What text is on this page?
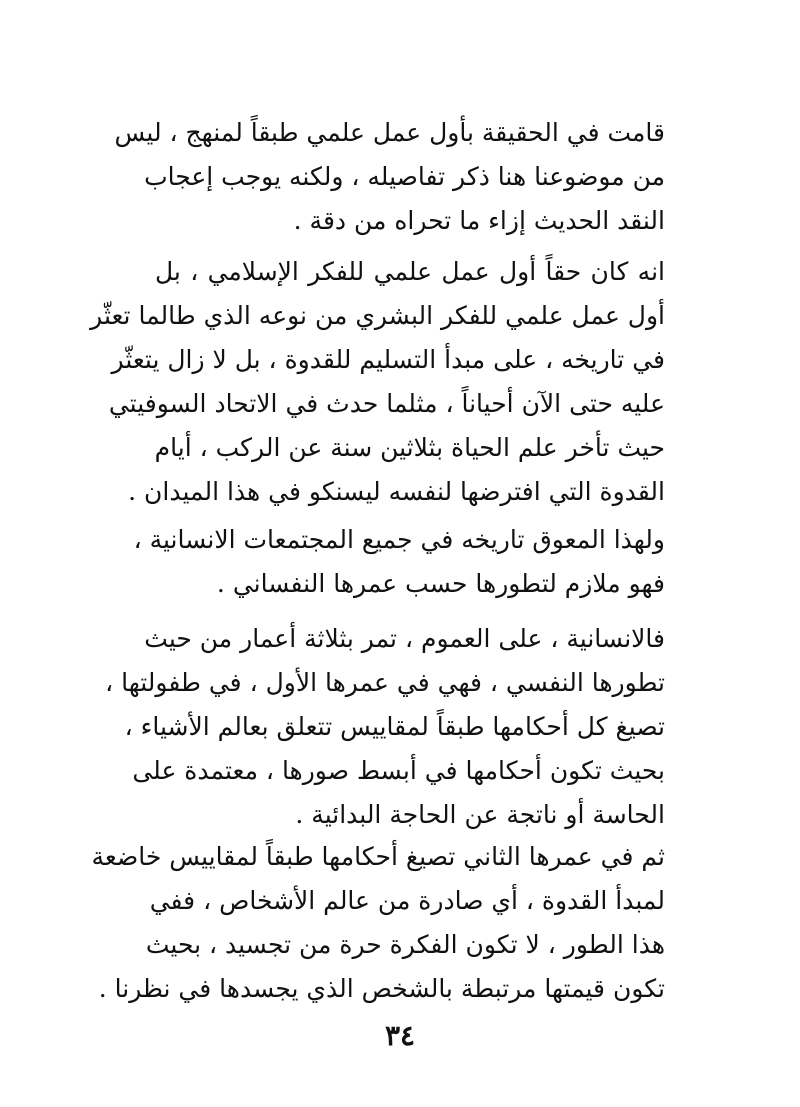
قامت في الحقيقة بأول عمل علمي طبقاً لمنهج ، ليس
من موضوعنا هنا ذكر تفاصيله ، ولكنه يوجب إعجاب
النقد الحديث إزاء ما تحراه من دقة .
انه كان حقاً أول عمل علمي للفكر الإسلامي ، بل
أول عمل علمي للفكر البشري من نوعه الذي طالما تعثّر
في تاريخه ، على مبدأ التسليم للقدوة ، بل لا زال يتعثّر
عليه حتى الآن أحياناً ، مثلما حدث في الاتحاد السوفيتي
حيث تأخر علم الحياة بثلاثين سنة عن الركب ، أيام
القدوة التي افترضها لنفسه ليسنكو في هذا الميدان .
ولهذا المعوق تاريخه في جميع المجتمعات الانسانية ،
فهو ملازم لتطورها حسب عمرها النفساني .
فالانسانية ، على العموم ، تمر بثلاثة أعمار من حيث
تطورها النفسي ، فهي في عمرها الأول ، في طفولتها ،
تصيغ كل أحكامها طبقاً لمقاييس تتعلق بعالم الأشياء ،
بحيث تكون أحكامها في أبسط صورها ، معتمدة على
الحاسة أو ناتجة عن الحاجة البدائية .
ثم في عمرها الثاني تصيغ أحكامها طبقاً لمقاييس خاضعة
لمبدأ القدوة ، أي صادرة من عالم الأشخاص ، ففي
هذا الطور ، لا تكون الفكرة حرة من تجسيد ، بحيث
تكون قيمتها مرتبطة بالشخص الذي يجسدها في نظرنا .
٣٤
